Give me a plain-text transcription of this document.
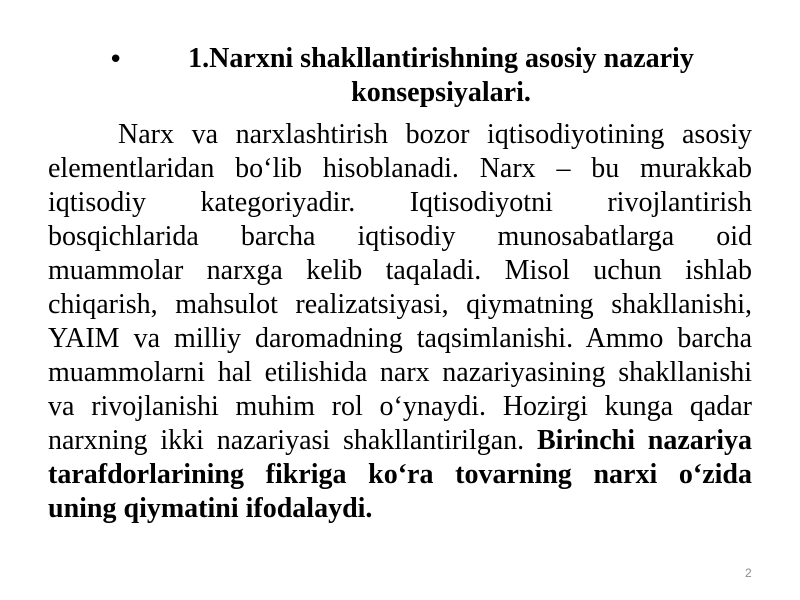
•	1.Narxni shakllantirishning asosiy nazariy konsepsiyalari.

Narx va narxlashtirish bozor iqtisodiyotining asosiy elementlaridan bo‘lib hisoblanadi. Narx – bu murakkab iqtisodiy kategoriyadir. Iqtisodiyotni rivojlantirish bosqichlarida barcha iqtisodiy munosabatlarga oid muammolar narxga kelib taqaladi. Misol uchun ishlab chiqarish, mahsulot realizatsiyasi, qiymatning shakllanishi, YAIM va milliy daromadning taqsimlanishi. Ammo barcha muammolarni hal etilishida narx nazariyasining shakllanishi va rivojlanishi muhim rol o‘ynaydi. Hozirgi kunga qadar narxning ikki nazariyasi shakllantirilgan. Birinchi nazariya tarafdorlarining fikriga ko‘ra tovarning narxi o‘zida uning qiymatini ifodalaydi.

2
